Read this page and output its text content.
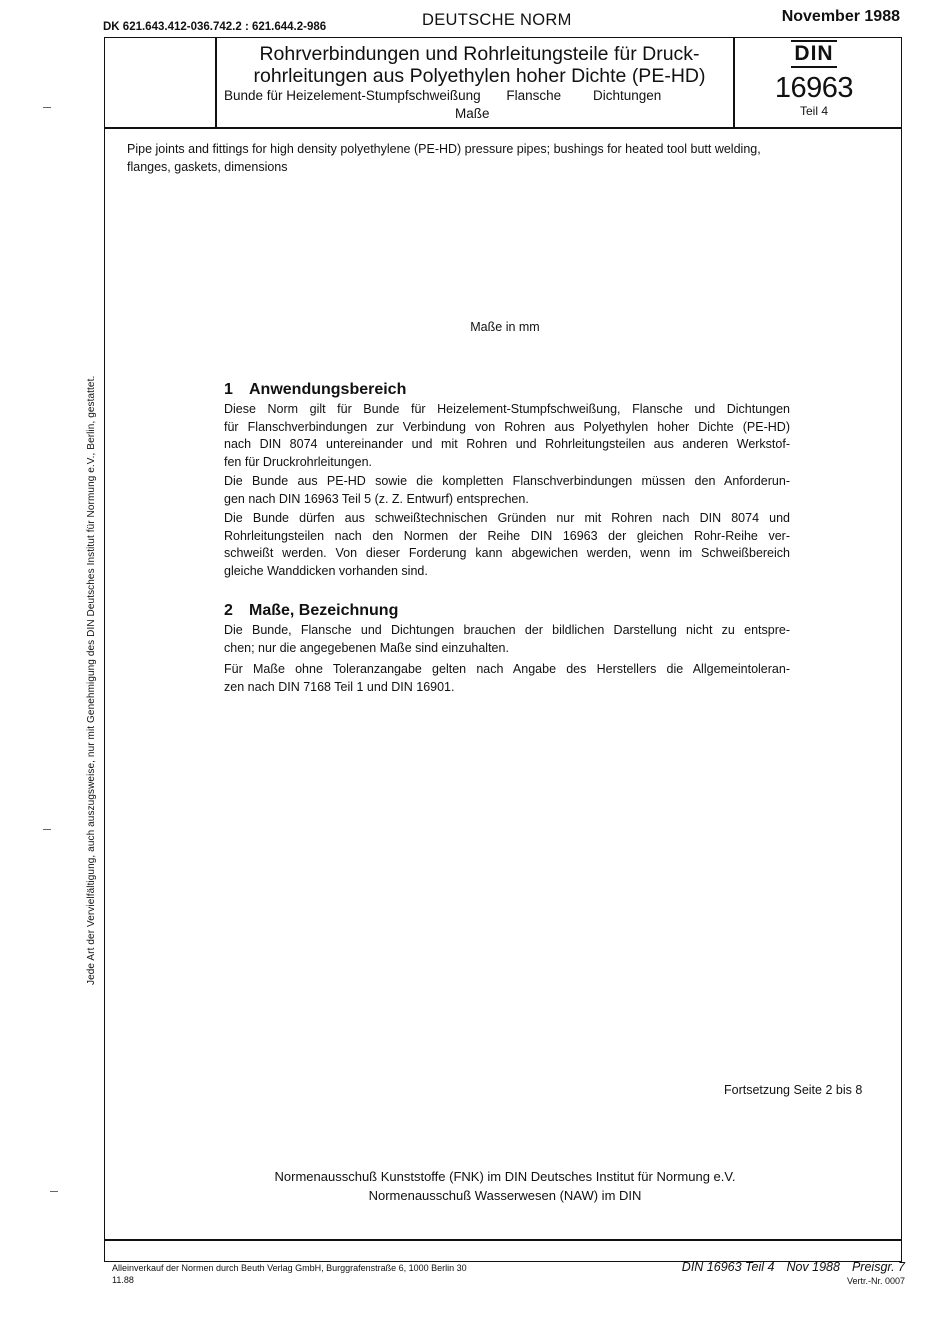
DK 621.643.412-036.742.2 : 621.644.2-986	DEUTSCHE NORM	November 1988
Rohrverbindungen und Rohrleitungsteile für Druck-
rohrleitungen aus Polyethylen hoher Dichte (PE-HD)
Bunde für Heizelement-Stumpfschweißung Flansche Dichtungen
Maße
DIN
16963
Teil 4
Pipe joints and fittings for high density polyethylene (PE-HD) pressure pipes; bushings for heated tool butt welding,
flanges, gaskets, dimensions
Maße in mm
1 Anwendungsbereich
Diese Norm gilt für Bunde für Heizelement-Stumpfschweißung, Flansche und Dichtungen
für Flanschverbindungen zur Verbindung von Rohren aus Polyethylen hoher Dichte (PE-HD)
nach DIN 8074 untereinander und mit Rohren und Rohrleitungsteilen aus anderen Werkstof-
fen für Druckrohrleitungen.
Die Bunde aus PE-HD sowie die kompletten Flanschverbindungen müssen den Anforderun-
gen nach DIN 16963 Teil 5 (z. Z. Entwurf) entsprechen.
Die Bunde dürfen aus schweißtechnischen Gründen nur mit Rohren nach DIN 8074 und
Rohrleitungsteilen nach den Normen der Reihe DIN 16963 der gleichen Rohr-Reihe ver-
schweißt werden. Von dieser Forderung kann abgewichen werden, wenn im Schweißbereich
gleiche Wanddicken vorhanden sind.
2 Maße, Bezeichnung
Die Bunde, Flansche und Dichtungen brauchen der bildlichen Darstellung nicht zu entspre-
chen; nur die angegebenen Maße sind einzuhalten.
Für Maße ohne Toleranzangabe gelten nach Angabe des Herstellers die Allgemeintoleran-
zen nach DIN 7168 Teil 1 und DIN 16901.
Fortsetzung Seite 2 bis 8
Normenausschuß Kunststoffe (FNK) im DIN Deutsches Institut für Normung e.V.
Normenausschuß Wasserwesen (NAW) im DIN
Jede Art der Vervielfältigung, auch auszugsweise, nur mit Genehmigung des DIN Deutsches Institut für Normung e.V., Berlin, gestattet.
Alleinverkauf der Normen durch Beuth Verlag GmbH, Burggrafenstraße 6, 1000 Berlin 30
11.88
DIN 16963 Teil 4 Nov 1988 Preisgr. 7
Vertr.-Nr. 0007
